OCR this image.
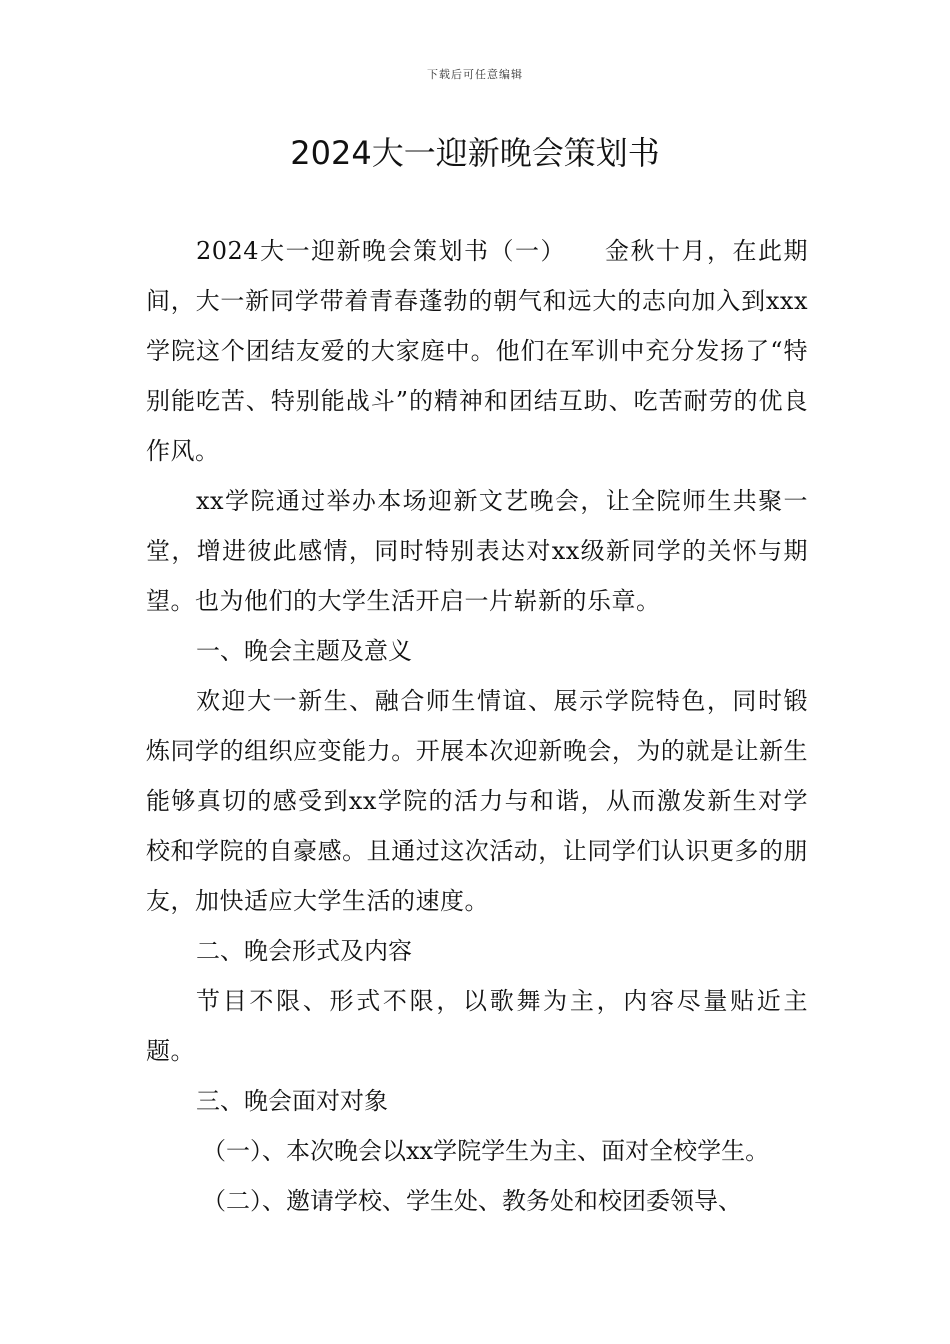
下载后可任意编辑
2024大一迎新晚会策划书

2024大一迎新晚会策划书（一）　　金秋十月，在此期间，大一新同学带着青春蓬勃的朝气和远大的志向加入到xxx学院这个团结友爱的大家庭中。他们在军训中充分发扬了“特别能吃苦、特别能战斗”的精神和团结互助、吃苦耐劳的优良作风。

xx学院通过举办本场迎新文艺晚会，让全院师生共聚一堂，增进彼此感情，同时特别表达对xx级新同学的关怀与期望。也为他们的大学生活开启一片崭新的乐章。

一、晚会主题及意义

欢迎大一新生、融合师生情谊、展示学院特色，同时锻炼同学的组织应变能力。开展本次迎新晚会，为的就是让新生能够真切的感受到xx学院的活力与和谐，从而激发新生对学校和学院的自豪感。且通过这次活动，让同学们认识更多的朋友，加快适应大学生活的速度。

二、晚会形式及内容

节目不限、形式不限，以歌舞为主，内容尽量贴近主题。

三、晚会面对对象

（一）、本次晚会以xx学院学生为主、面对全校学生。

（二）、邀请学校、学生处、教务处和校团委领导、
